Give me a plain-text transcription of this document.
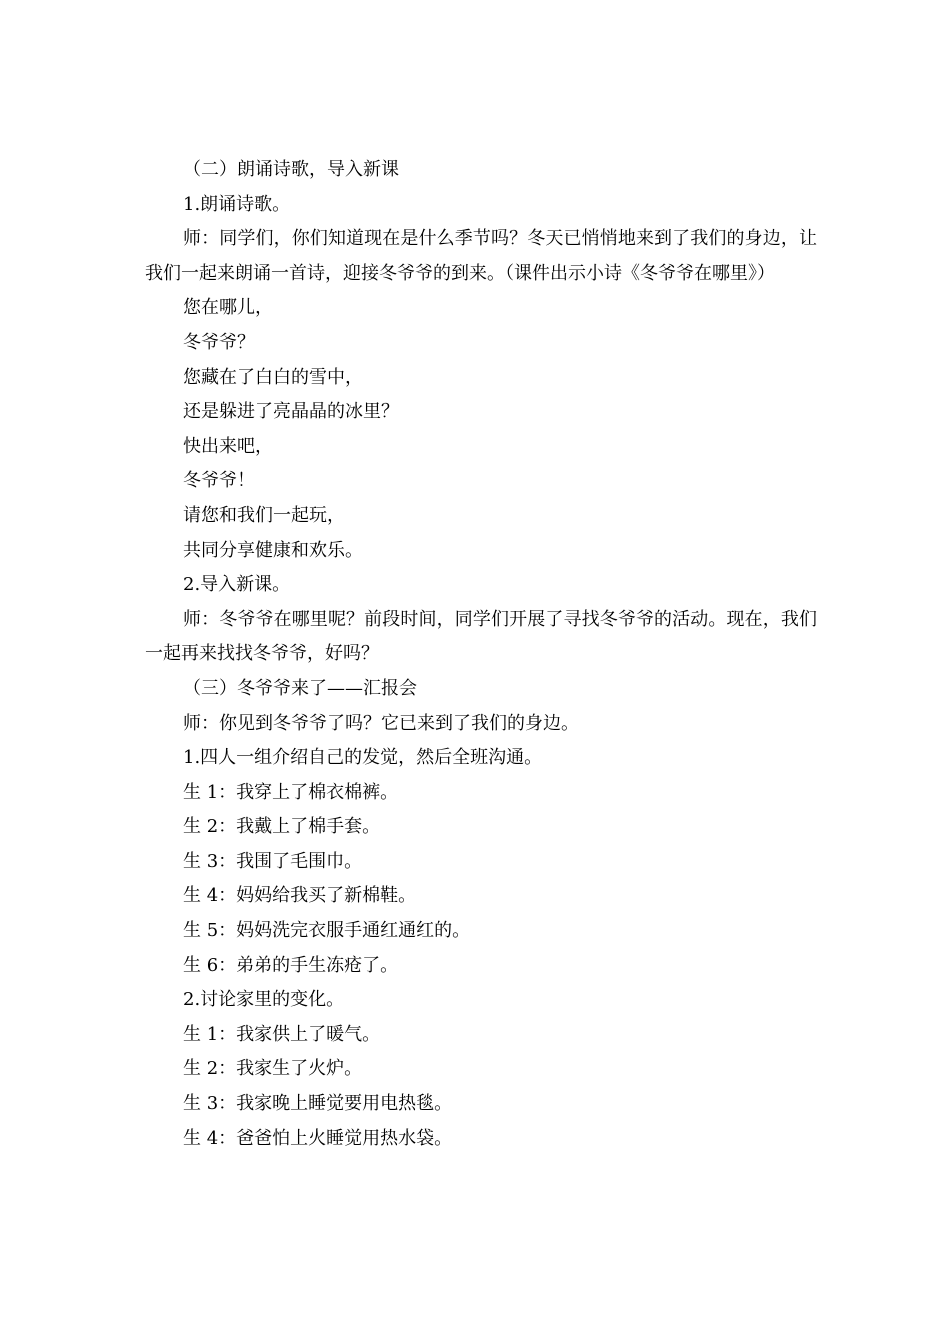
（二）朗诵诗歌，导入新课

1.朗诵诗歌。

师：同学们，你们知道现在是什么季节吗？冬天已悄悄地来到了我们的身边，让我们一起来朗诵一首诗，迎接冬爷爷的到来。（课件出示小诗《冬爷爷在哪里》）

您在哪儿，

冬爷爷？

您藏在了白白的雪中，

还是躲进了亮晶晶的冰里？

快出来吧，

冬爷爷！

请您和我们一起玩，

共同分享健康和欢乐。

2.导入新课。

师：冬爷爷在哪里呢？前段时间，同学们开展了寻找冬爷爷的活动。现在，我们一起再来找找冬爷爷，好吗？

（三）冬爷爷来了——汇报会

师：你见到冬爷爷了吗？它已来到了我们的身边。

1.四人一组介绍自己的发觉，然后全班沟通。

生 1：我穿上了棉衣棉裤。

生 2：我戴上了棉手套。

生 3：我围了毛围巾。

生 4：妈妈给我买了新棉鞋。

生 5：妈妈洗完衣服手通红通红的。

生 6：弟弟的手生冻疮了。

2.讨论家里的变化。

生 1：我家供上了暖气。

生 2：我家生了火炉。

生 3：我家晚上睡觉要用电热毯。

生 4：爸爸怕上火睡觉用热水袋。
